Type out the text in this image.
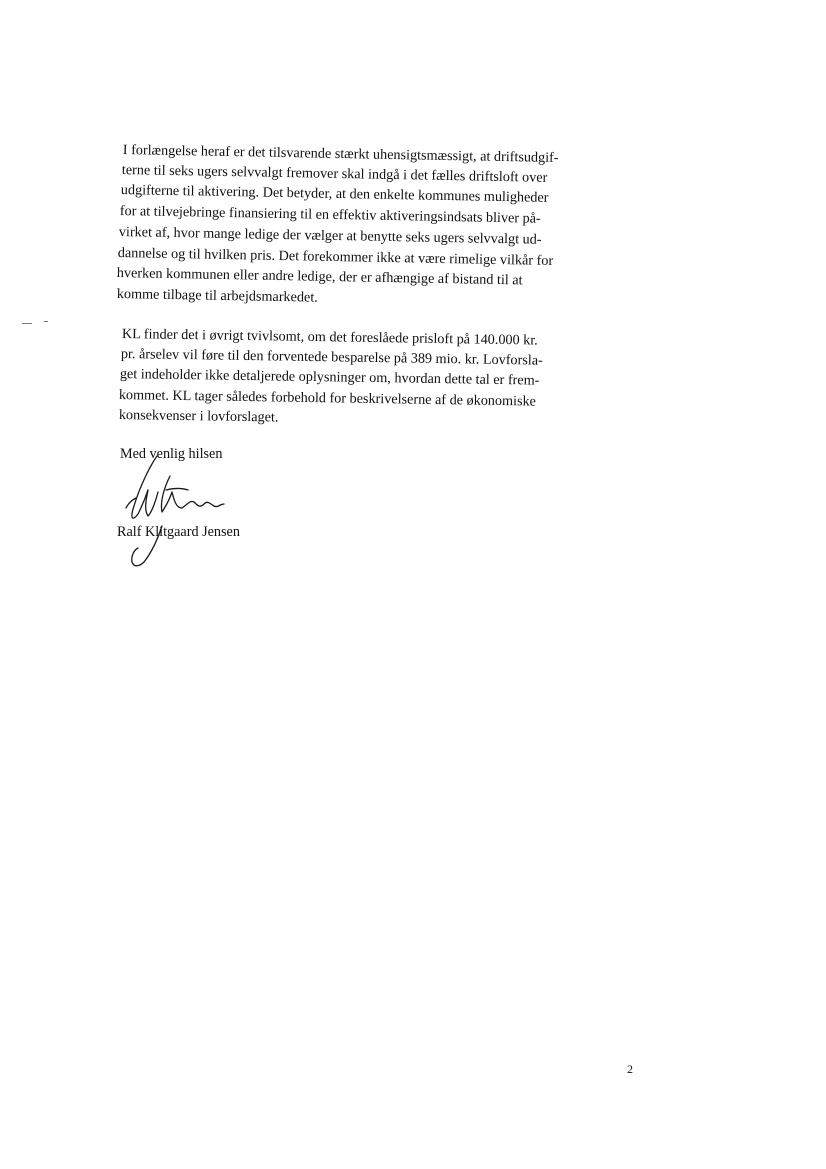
I forlængelse heraf er det tilsvarende stærkt uhensigtsmæssigt, at driftsudgif-
terne til seks ugers selvvalgt fremover skal indgå i det fælles driftsloft over
udgifterne til aktivering. Det betyder, at den enkelte kommunes muligheder
for at tilvejebringe finansiering til en effektiv aktiveringsindsats bliver på-
virket af, hvor mange ledige der vælger at benytte seks ugers selvvalgt ud-
dannelse og til hvilken pris. Det forekommer ikke at være rimelige vilkår for
hverken kommunen eller andre ledige, der er afhængige af bistand til at
komme tilbage til arbejdsmarkedet.
KL finder det i øvrigt tvivlsomt, om det foreslåede prisloft på 140.000 kr.
pr. årselev vil føre til den forventede besparelse på 389 mio. kr. Lovforsla-
get indeholder ikke detaljerede oplysninger om, hvordan dette tal er frem-
kommet. KL tager således forbehold for beskrivelserne af de økonomiske
konsekvenser i lovforslaget.
Med venlig hilsen
Ralf Klitgaard Jensen
2
